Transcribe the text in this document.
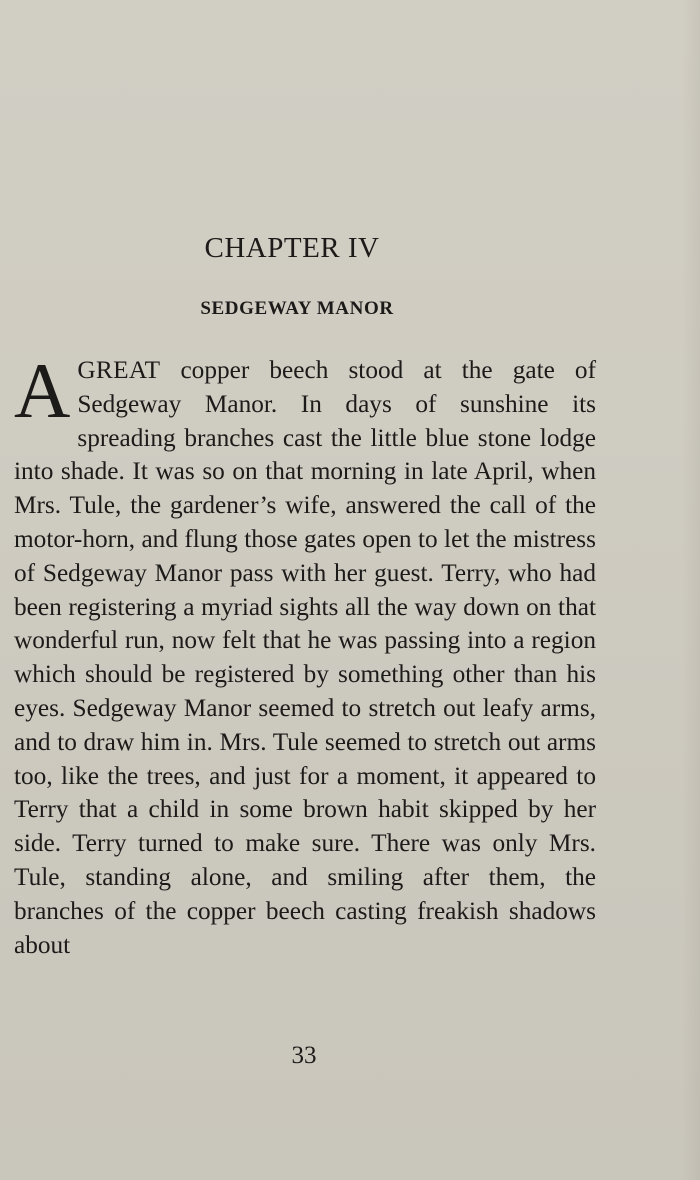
CHAPTER IV
SEDGEWAY MANOR

AGREAT copper beech stood at the gate of Sedgeway Manor. In days of sunshine its spreading branches cast the little blue stone lodge into shade. It was so on that morning in late April, when Mrs. Tule, the gardener’s wife, answered the call of the motor-horn, and flung those gates open to let the mistress of Sedgeway Manor pass with her guest. Terry, who had been registering a myriad sights all the way down on that wonderful run, now felt that he was passing into a region which should be registered by something other than his eyes. Sedgeway Manor seemed to stretch out leafy arms, and to draw him in. Mrs. Tule seemed to stretch out arms too, like the trees, and just for a moment, it appeared to Terry that a child in some brown habit skipped by her side. Terry turned to make sure. There was only Mrs. Tule, standing alone, and smiling after them, the branches of the copper beech casting freakish shadows about

33
